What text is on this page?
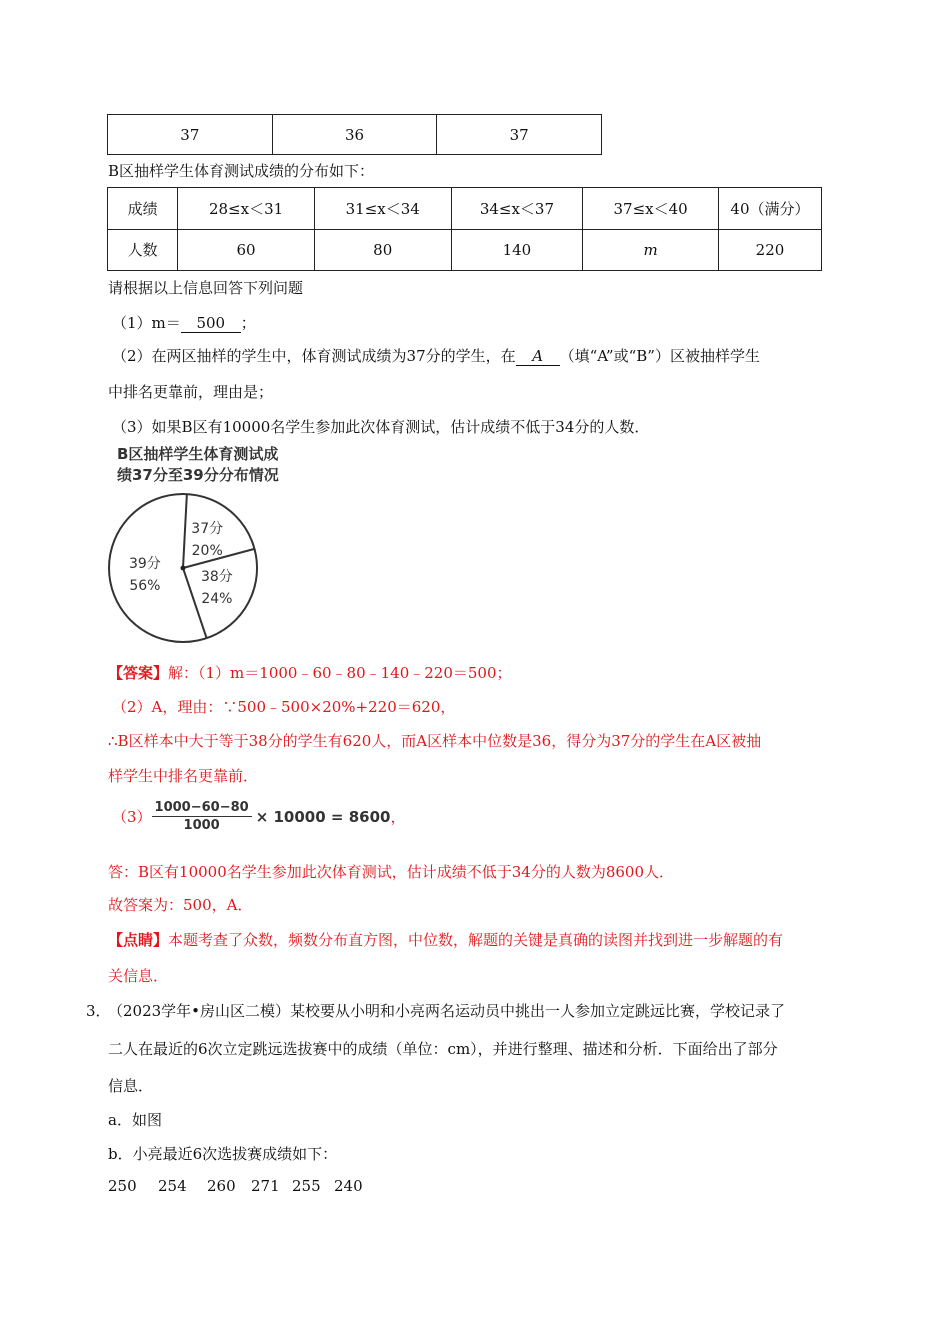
37	36	37
B区抽样学生体育测试成绩的分布如下：
成绩	28≤x＜31	31≤x＜34	34≤x＜37	37≤x＜40	40（满分）
人数	60	80	140	m	220
请根据以上信息回答下列问题
（1）m＝ 500 ；
（2）在两区抽样的学生中，体育测试成绩为37分的学生，在 A （填“A”或“B”）区被抽样学生
中排名更靠前，理由是；
（3）如果B区有10000名学生参加此次体育测试，估计成绩不低于34分的人数．
B区抽样学生体育测试成
绩37分至39分分布情况
37分
20%
38分
24%
39分
56%
【答案】解：（1）m＝1000﹣60﹣80﹣140﹣220＝500；
（2）A，理由：∵500﹣500×20%+220＝620，
∴B区样本中大于等于38分的学生有620人，而A区样本中位数是36，得分为37分的学生在A区被抽
样学生中排名更靠前．
$(3) \frac{1000-60-80}{1000} \times 10000 = 8600$ ，
答：B区有10000名学生参加此次体育测试，估计成绩不低于34分的人数为8600人．
故答案为：500，A．
【点睛】本题考查了众数，频数分布直方图，中位数，解题的关键是真确的读图并找到进一步解题的有
关信息．
3．
（2023学年•房山区二模）某校要从小明和小亮两名运动员中挑出一人参加立定跳远比赛，学校记录了
二人在最近的6次立定跳远选拔赛中的成绩（单位：cm），并进行整理、描述和分析．下面给出了部分
信息．
a．如图
b．小亮最近6次选拔赛成绩如下：
250	254	260	271 255 240
